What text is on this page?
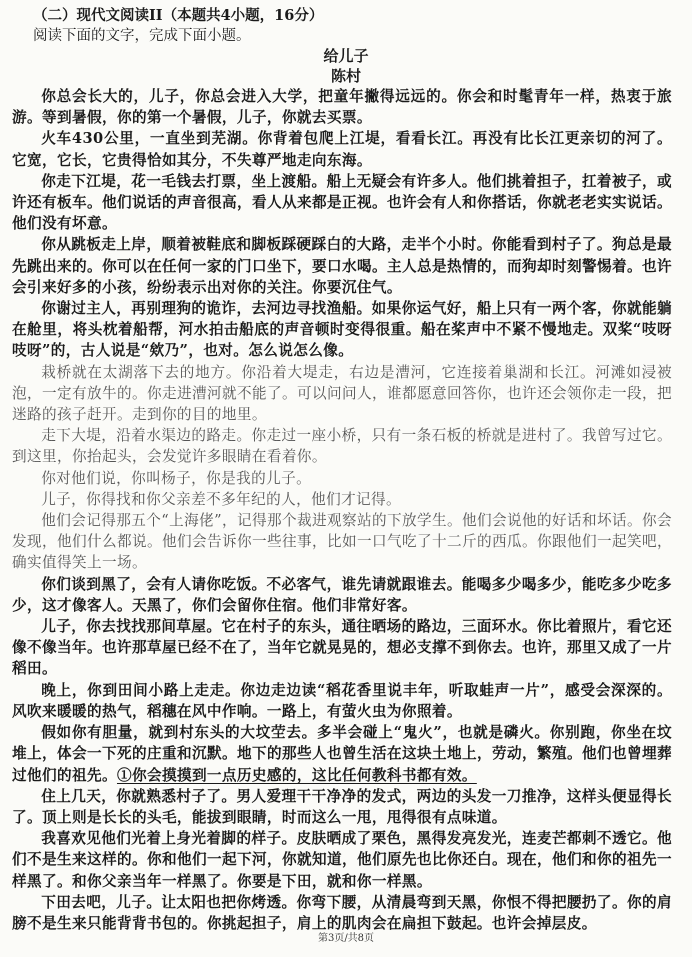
（二）现代文阅读II（本题共4小题，16分）
阅读下面的文字，完成下面小题。
给儿子
陈村

你总会长大的，儿子，你总会进入大学，把童年撇得远远的。你会和时髦青年一样，热衷于旅游。等到暑假，你的第一个暑假，儿子，你就去买票。

火车430公里，一直坐到芜湖。你背着包爬上江堤，看看长江。再没有比长江更亲切的河了。它宽，它长，它贵得恰如其分，不失尊严地走向东海。

你走下江堤，花一毛钱去打票，坐上渡船。船上无疑会有许多人。他们挑着担子，扛着被子，或许还有板车。他们说话的声音很高，看人从来都是正视。也许会有人和你搭话，你就老老实实说话。他们没有坏意。

你从跳板走上岸，顺着被鞋底和脚板踩硬踩白的大路，走半个小时。你能看到村子了。狗总是最先跳出来的。你可以在任何一家的门口坐下，要口水喝。主人总是热情的，而狗却时刻警惕着。也许会引来好多的小孩，纷纷表示出对你的关注。你要沉住气。

你谢过主人，再别理狗的诡诈，去河边寻找渔船。如果你运气好，船上只有一两个客，你就能躺在舱里，将头枕着船帮，河水拍击船底的声音顿时变得很重。船在桨声中不紧不慢地走。双桨“吱呀吱呀”的，古人说是“欸乃”，也对。怎么说怎么像。

栽桥就在太湖落下去的地方。你沿着大堤走，右边是漕河，它连接着巢湖和长江。河滩如浸被泡，一定有放牛的。你走进漕河就不能了。可以问问人，谁都愿意回答你，也许还会领你走一段，把迷路的孩子赶开。走到你的目的地里。

走下大堤，沿着水渠边的路走。你走过一座小桥，只有一条石板的桥就是进村了。我曾写过它。到这里，你抬起头，会发觉许多眼睛在看着你。

你对他们说，你叫杨子，你是我的儿子。

儿子，你得找和你父亲差不多年纪的人，他们才记得。

他们会记得那五个“上海佬”，记得那个裁进观察站的下放学生。他们会说他的好话和坏话。你会发现，他们什么都说。他们会告诉你一些往事，比如一口气吃了十二斤的西瓜。你跟他们一起笑吧，确实值得笑上一场。

你们谈到黑了，会有人请你吃饭。不必客气，谁先请就跟谁去。能喝多少喝多少，能吃多少吃多少，这才像客人。天黑了，你们会留你住宿。他们非常好客。

儿子，你去找找那间草屋。它在村子的东头，通往晒场的路边，三面环水。你比着照片，看它还像不像当年。也许那草屋已经不在了，当年它就晃晃的，想必支撑不到你去。也许，那里又成了一片稻田。

晚上，你到田间小路上走走。你边走边读“稻花香里说丰年，听取蛙声一片”，感受会深深的。风吹来暖暖的热气，稻穗在风中作响。一路上，有萤火虫为你照着。

假如你有胆量，就到村东头的大坟茔去。多半会碰上“鬼火”，也就是磷火。你别跑，你坐在坟堆上，体会一下死的庄重和沉默。地下的那些人也曾生活在这块土地上，劳动，繁殖。他们也曾埋葬过他们的祖先。①你会摸摸到一点历史感的，这比任何教科书都有效。

住上几天，你就熟悉村子了。男人爱理干干净净的发式，两边的头发一刀推净，这样头便显得长了。顶上则是长长的头毛，能拔到眼睛，时而这么一甩，甩得很有点味道。

我喜欢见他们光着上身光着脚的样子。皮肤晒成了栗色，黑得发亮发光，连麦芒都刺不透它。他们不是生来这样的。你和他们一起下河，你就知道，他们原先也比你还白。现在，他们和你的祖先一样黑了。和你父亲当年一样黑了。你要是下田，就和你一样黑。

下田去吧，儿子。让太阳也把你烤透。你弯下腰，从清晨弯到天黑，你恨不得把腰扔了。你的肩膀不是生来只能背背书包的。你挑起担子，肩上的肌肉会在扁担下鼓起。也许会掉层皮。

第3页/共8页
